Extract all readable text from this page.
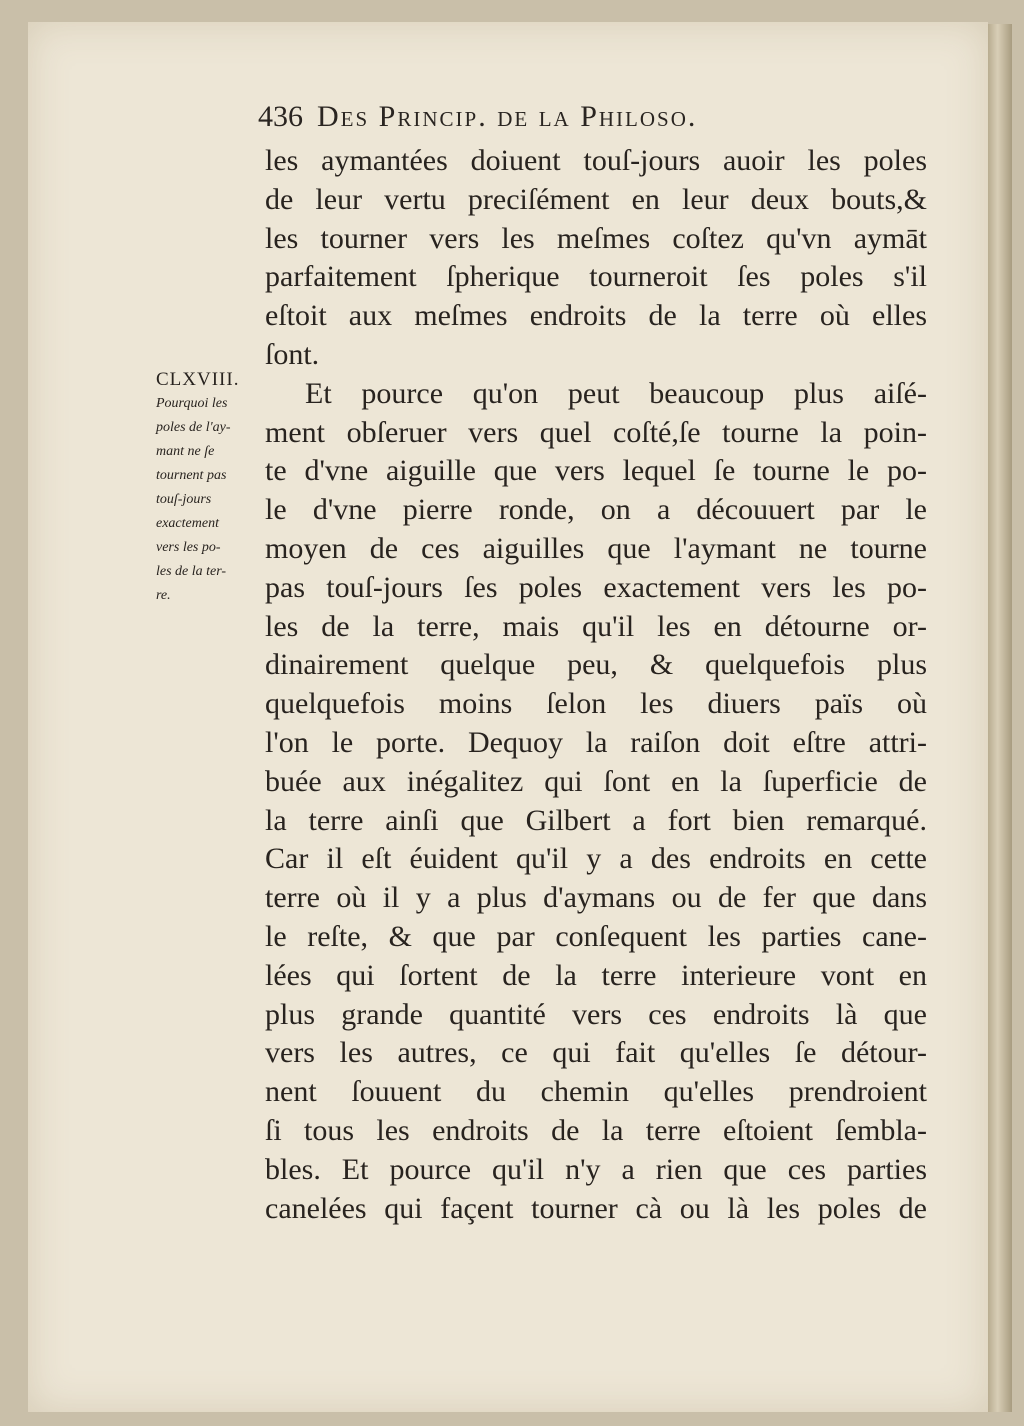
436 Des Princip. de la Philoso.
CLXVIII.
Pourquoi les
poles de l'ay-
mant ne ſe
tournent pas
touſ-jours
exactement
vers les po-
les de la ter-
re.
les aymantées doiuent touſ-jours auoir les poles
de leur vertu preciſément en leur deux bouts,&
les tourner vers les meſmes coſtez qu'vn aymāt
parfaitement ſpherique tourneroit ſes poles s'il
eſtoit aux meſmes endroits de la terre où elles
ſont.
Et pource qu'on peut beaucoup plus aiſé-
ment obſeruer vers quel coſté,ſe tourne la poin-
te d'vne aiguille que vers lequel ſe tourne le po-
le d'vne pierre ronde, on a découuert par le
moyen de ces aiguilles que l'aymant ne tourne
pas touſ-jours ſes poles exactement vers les po-
les de la terre, mais qu'il les en détourne or-
dinairement quelque peu, & quelquefois plus
quelquefois moins ſelon les diuers païs où
l'on le porte. Dequoy la raiſon doit eſtre attri-
buée aux inégalitez qui ſont en la ſuperficie de
la terre ainſi que Gilbert a fort bien remarqué.
Car il eſt éuident qu'il y a des endroits en cette
terre où il y a plus d'aymans ou de fer que dans
le reſte, & que par conſequent les parties cane-
lées qui ſortent de la terre interieure vont en
plus grande quantité vers ces endroits là que
vers les autres, ce qui fait qu'elles ſe détour-
nent ſouuent du chemin qu'elles prendroient
ſi tous les endroits de la terre eſtoient ſembla-
bles. Et pource qu'il n'y a rien que ces parties
canelées qui façent tourner cà ou là les poles de
